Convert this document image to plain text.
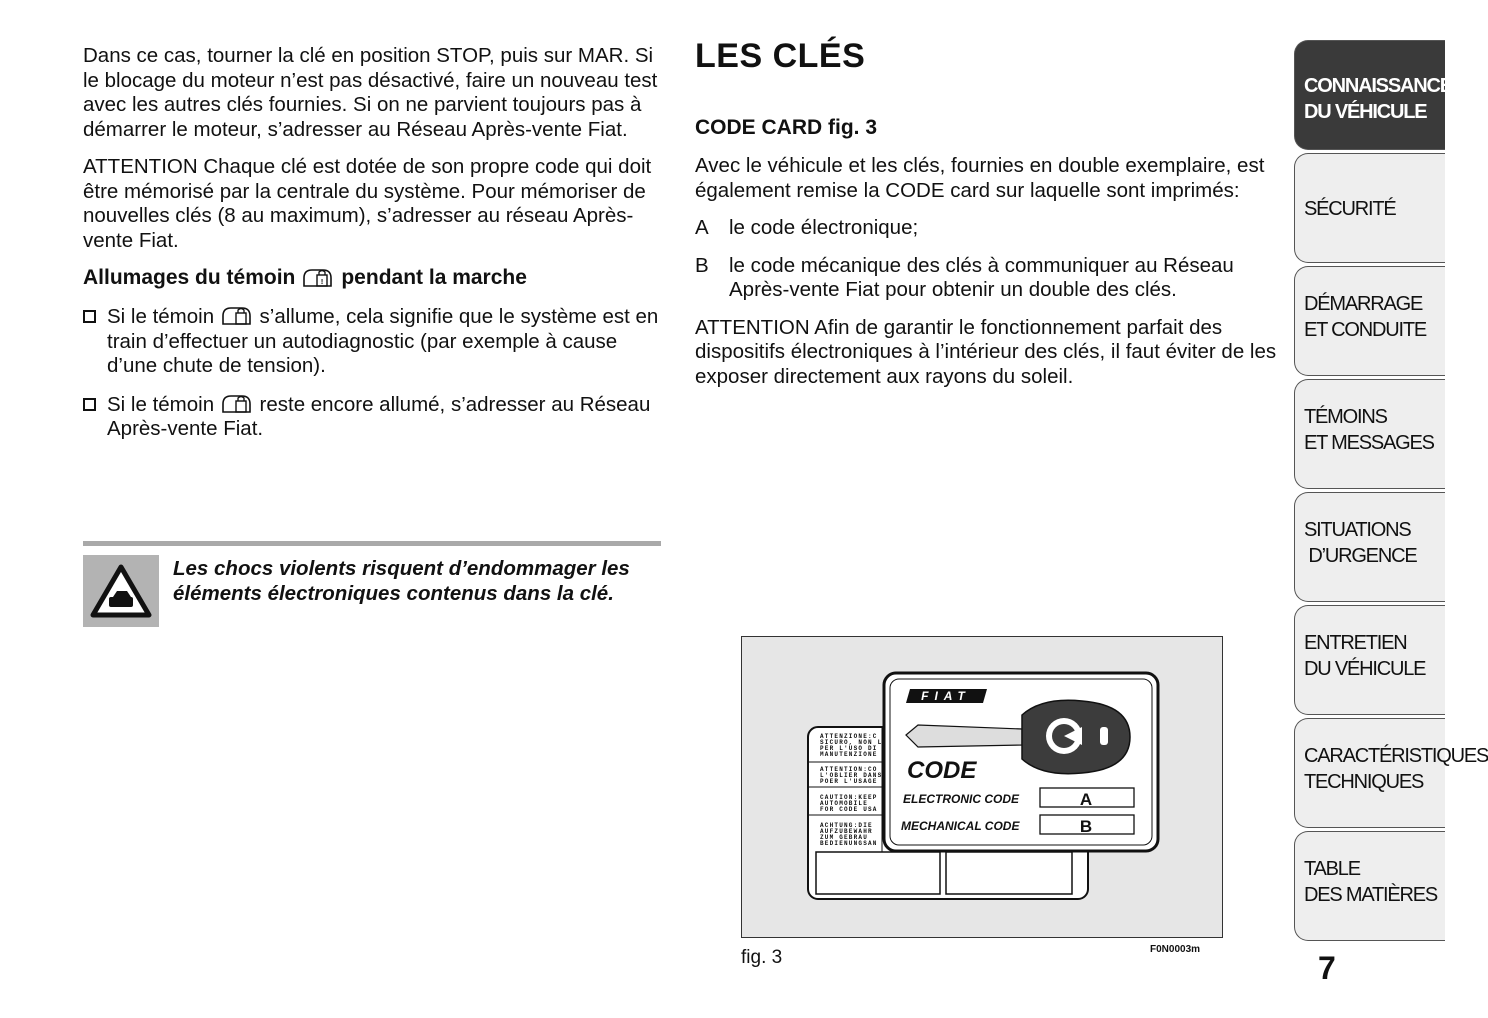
Dans ce cas, tourner la clé en position STOP, puis sur MAR. Si le blocage du moteur n’est pas désactivé, faire un nouveau test avec les autres clés fournies. Si on ne parvient toujours pas à démarrer le moteur, s’adresser au Réseau Après-vente Fiat.

ATTENTION Chaque clé est dotée de son propre code qui doit être mémorisé par la centrale du système. Pour mémoriser de nouvelles clés (8 au maximum), s’adresser au réseau Après-vente Fiat.

Allumages du témoin	! pendant la marche
Si le témoin s’allume, cela signifie que le système est en train d’effectuer un autodiagnostic (par exemple à cause d’une chute de tension).
Si le témoin reste encore allumé, s’adresser au Réseau Après-vente Fiat.
Les chocs violents risquent d’endommager les éléments électroniques contenus dans la clé.
LES CLÉS
CODE CARD fig. 3

Avec le véhicule et les clés, fournies en double exemplaire, est également remise la CODE card sur laquelle sont imprimés:

A le code électronique;
B le code mécanique des clés à communiquer au Réseau Après-vente Fiat pour obtenir un double des clés.

ATTENTION Afin de garantir le fonctionnement parfait des dispositifs électroniques à l’intérieur des clés, il faut éviter de les exposer directement aux rayons du soleil.

ATTENZIONE:C
SICURO, NON L
PER L'USO DI
MANUTENZIONE
ATTENTION:CO
L'OBLIER DANS
POER L'USAGE
CAUTION:KEEP
AUTOMOBILE
FOR CODE USA
ACHTUNG:DIE
AUFZUBEWAHR
ZUM GEBRAU
BEDIENUNGSAN
FIAT
CODE
ELECTRONIC CODE	A
MECHANICAL CODE	B
fig. 3	F0N0003m
CONNAISSANCE
DU VÉHICULE
SÉCURITÉ
DÉMARRAGE
ET CONDUITE
TÉMOINS
ET MESSAGES
SITUATIONS
D’URGENCE
ENTRETIEN
DU VÉHICULE
CARACTÉRISTIQUES
TECHNIQUES
TABLE
DES MATIÈRES
7
